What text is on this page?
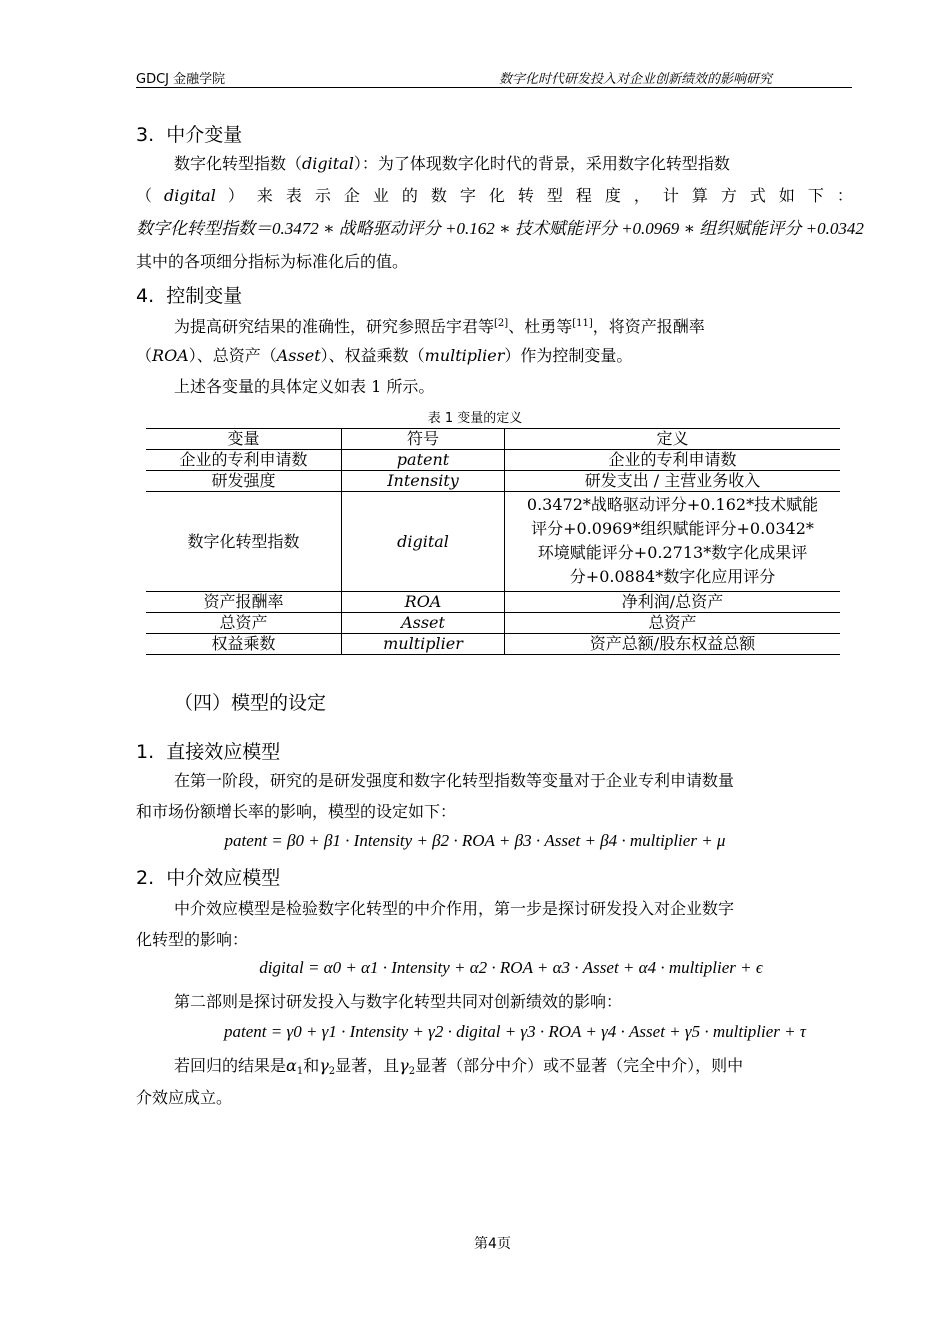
GDCJ 金融学院	数字化时代研发投入对企业创新绩效的影响研究
3. 中介变量
数字化转型指数（digital）：为了体现数字化时代的背景，采用数字化转型指数
（ digital ）来表示企业的数字化转型程度，计算方式如下：
数字化转型指数＝0.3472 ∗ 战略驱动评分 +0.162 ∗ 技术赋能评分 +0.0969 ∗ 组织赋能评分 +0.0342
其中的各项细分指标为标准化后的值。
4. 控制变量
为提高研究结果的准确性，研究参照岳宇君等[2]、杜勇等[11]，将资产报酬率
（ROA）、总资产（Asset）、权益乘数（multiplier）作为控制变量。
上述各变量的具体定义如表 1 所示。
表 1 变量的定义
变量	符号	定义
企业的专利申请数	patent	企业的专利申请数
研发强度	Intensity	研发支出 / 主营业务收入
数字化转型指数	digital	0.3472*战略驱动评分+0.162*技术赋能
评分+0.0969*组织赋能评分+0.0342*
环境赋能评分+0.2713*数字化成果评
分+0.0884*数字化应用评分

资产报酬率	ROA	净利润/总资产
总资产	Asset	总资产
权益乘数	multiplier	资产总额/股东权益总额
（四）模型的设定
1. 直接效应模型
在第一阶段，研究的是研发强度和数字化转型指数等变量对于企业专利申请数量
和市场份额增长率的影响，模型的设定如下：
patent = β0 + β1 · Intensity + β2 · ROA + β3 · Asset + β4 · multiplier + μ
2. 中介效应模型
中介效应模型是检验数字化转型的中介作用，第一步是探讨研发投入对企业数字
化转型的影响：
digital = α0 + α1 · Intensity + α2 · ROA + α3 · Asset + α4 · multiplier + ϵ
第二部则是探讨研发投入与数字化转型共同对创新绩效的影响：
patent = γ0 + γ1 · Intensity + γ2 · digital + γ3 · ROA + γ4 · Asset + γ5 · multiplier + τ
若回归的结果是$\alpha_1$和$\gamma_2$显著，且$\gamma_2$显著（部分中介）或不显著（完全中介），则中
介效应成立。
第4页
